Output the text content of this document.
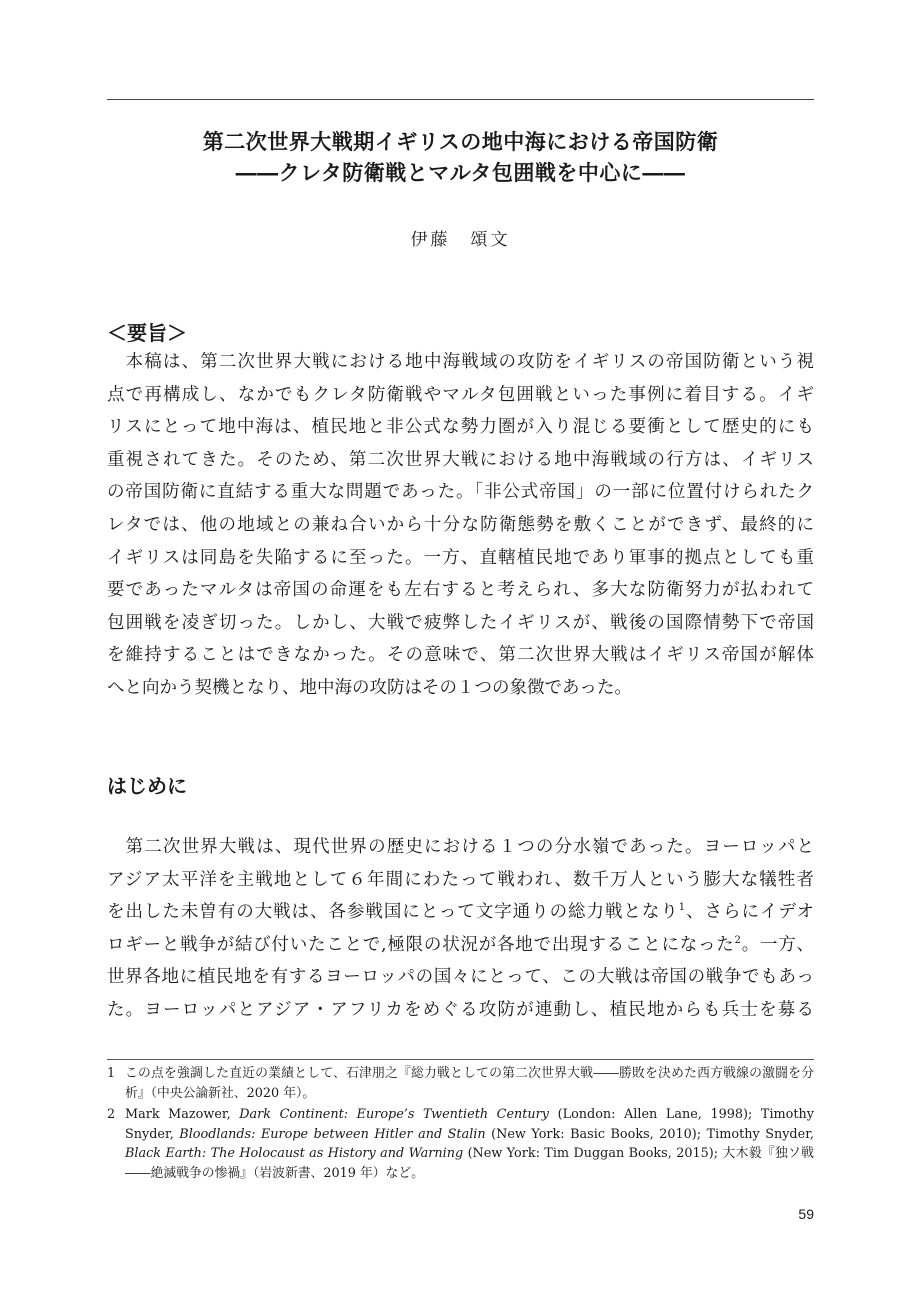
第二次世界大戦期イギリスの地中海における帝国防衛
――クレタ防衛戦とマルタ包囲戦を中心に――
伊藤　頌文
＜要旨＞
　本稿は、第二次世界大戦における地中海戦域の攻防をイギリスの帝国防衛という視
点で再構成し、なかでもクレタ防衛戦やマルタ包囲戦といった事例に着目する。イギ
リスにとって地中海は、植民地と非公式な勢力圏が入り混じる要衝として歴史的にも
重視されてきた。そのため、第二次世界大戦における地中海戦域の行方は、イギリス
の帝国防衛に直結する重大な問題であった。「非公式帝国」の一部に位置付けられたク
レタでは、他の地域との兼ね合いから十分な防衛態勢を敷くことができず、最終的に
イギリスは同島を失陥するに至った。一方、直轄植民地であり軍事的拠点としても重
要であったマルタは帝国の命運をも左右すると考えられ、多大な防衛努力が払われて
包囲戦を凌ぎ切った。しかし、大戦で疲弊したイギリスが、戦後の国際情勢下で帝国
を維持することはできなかった。その意味で、第二次世界大戦はイギリス帝国が解体
へと向かう契機となり、地中海の攻防はその１つの象徴であった。
はじめに
　第二次世界大戦は、現代世界の歴史における１つの分水嶺であった。ヨーロッパと
アジア太平洋を主戦地として６年間にわたって戦われ、数千万人という膨大な犠牲者
を出した未曽有の大戦は、各参戦国にとって文字通りの総力戦となり$^1$、さらにイデオ
ロギーと戦争が結び付いたことで,極限の状況が各地で出現することになった$^2$。一方、
世界各地に植民地を有するヨーロッパの国々にとって、この大戦は帝国の戦争でもあっ
た。ヨーロッパとアジア・アフリカをめぐる攻防が連動し、植民地からも兵士を募る
1 この点を強調した直近の業績として、石津朋之『総力戦としての第二次世界大戦――勝敗を決めた西方戦線の激闘を分析』（中央公論新社、2020 年）。
2 Mark Mazower, Dark Continent: Europe’s Twentieth Century (London: Allen Lane, 1998); Timothy Snyder, Bloodlands: Europe between Hitler and Stalin (New York: Basic Books, 2010); Timothy Snyder, Black Earth: The Holocaust as History and Warning (New York: Tim Duggan Books, 2015); 大木毅『独ソ戦――絶滅戦争の惨禍』（岩波新書、2019 年）など。
59
